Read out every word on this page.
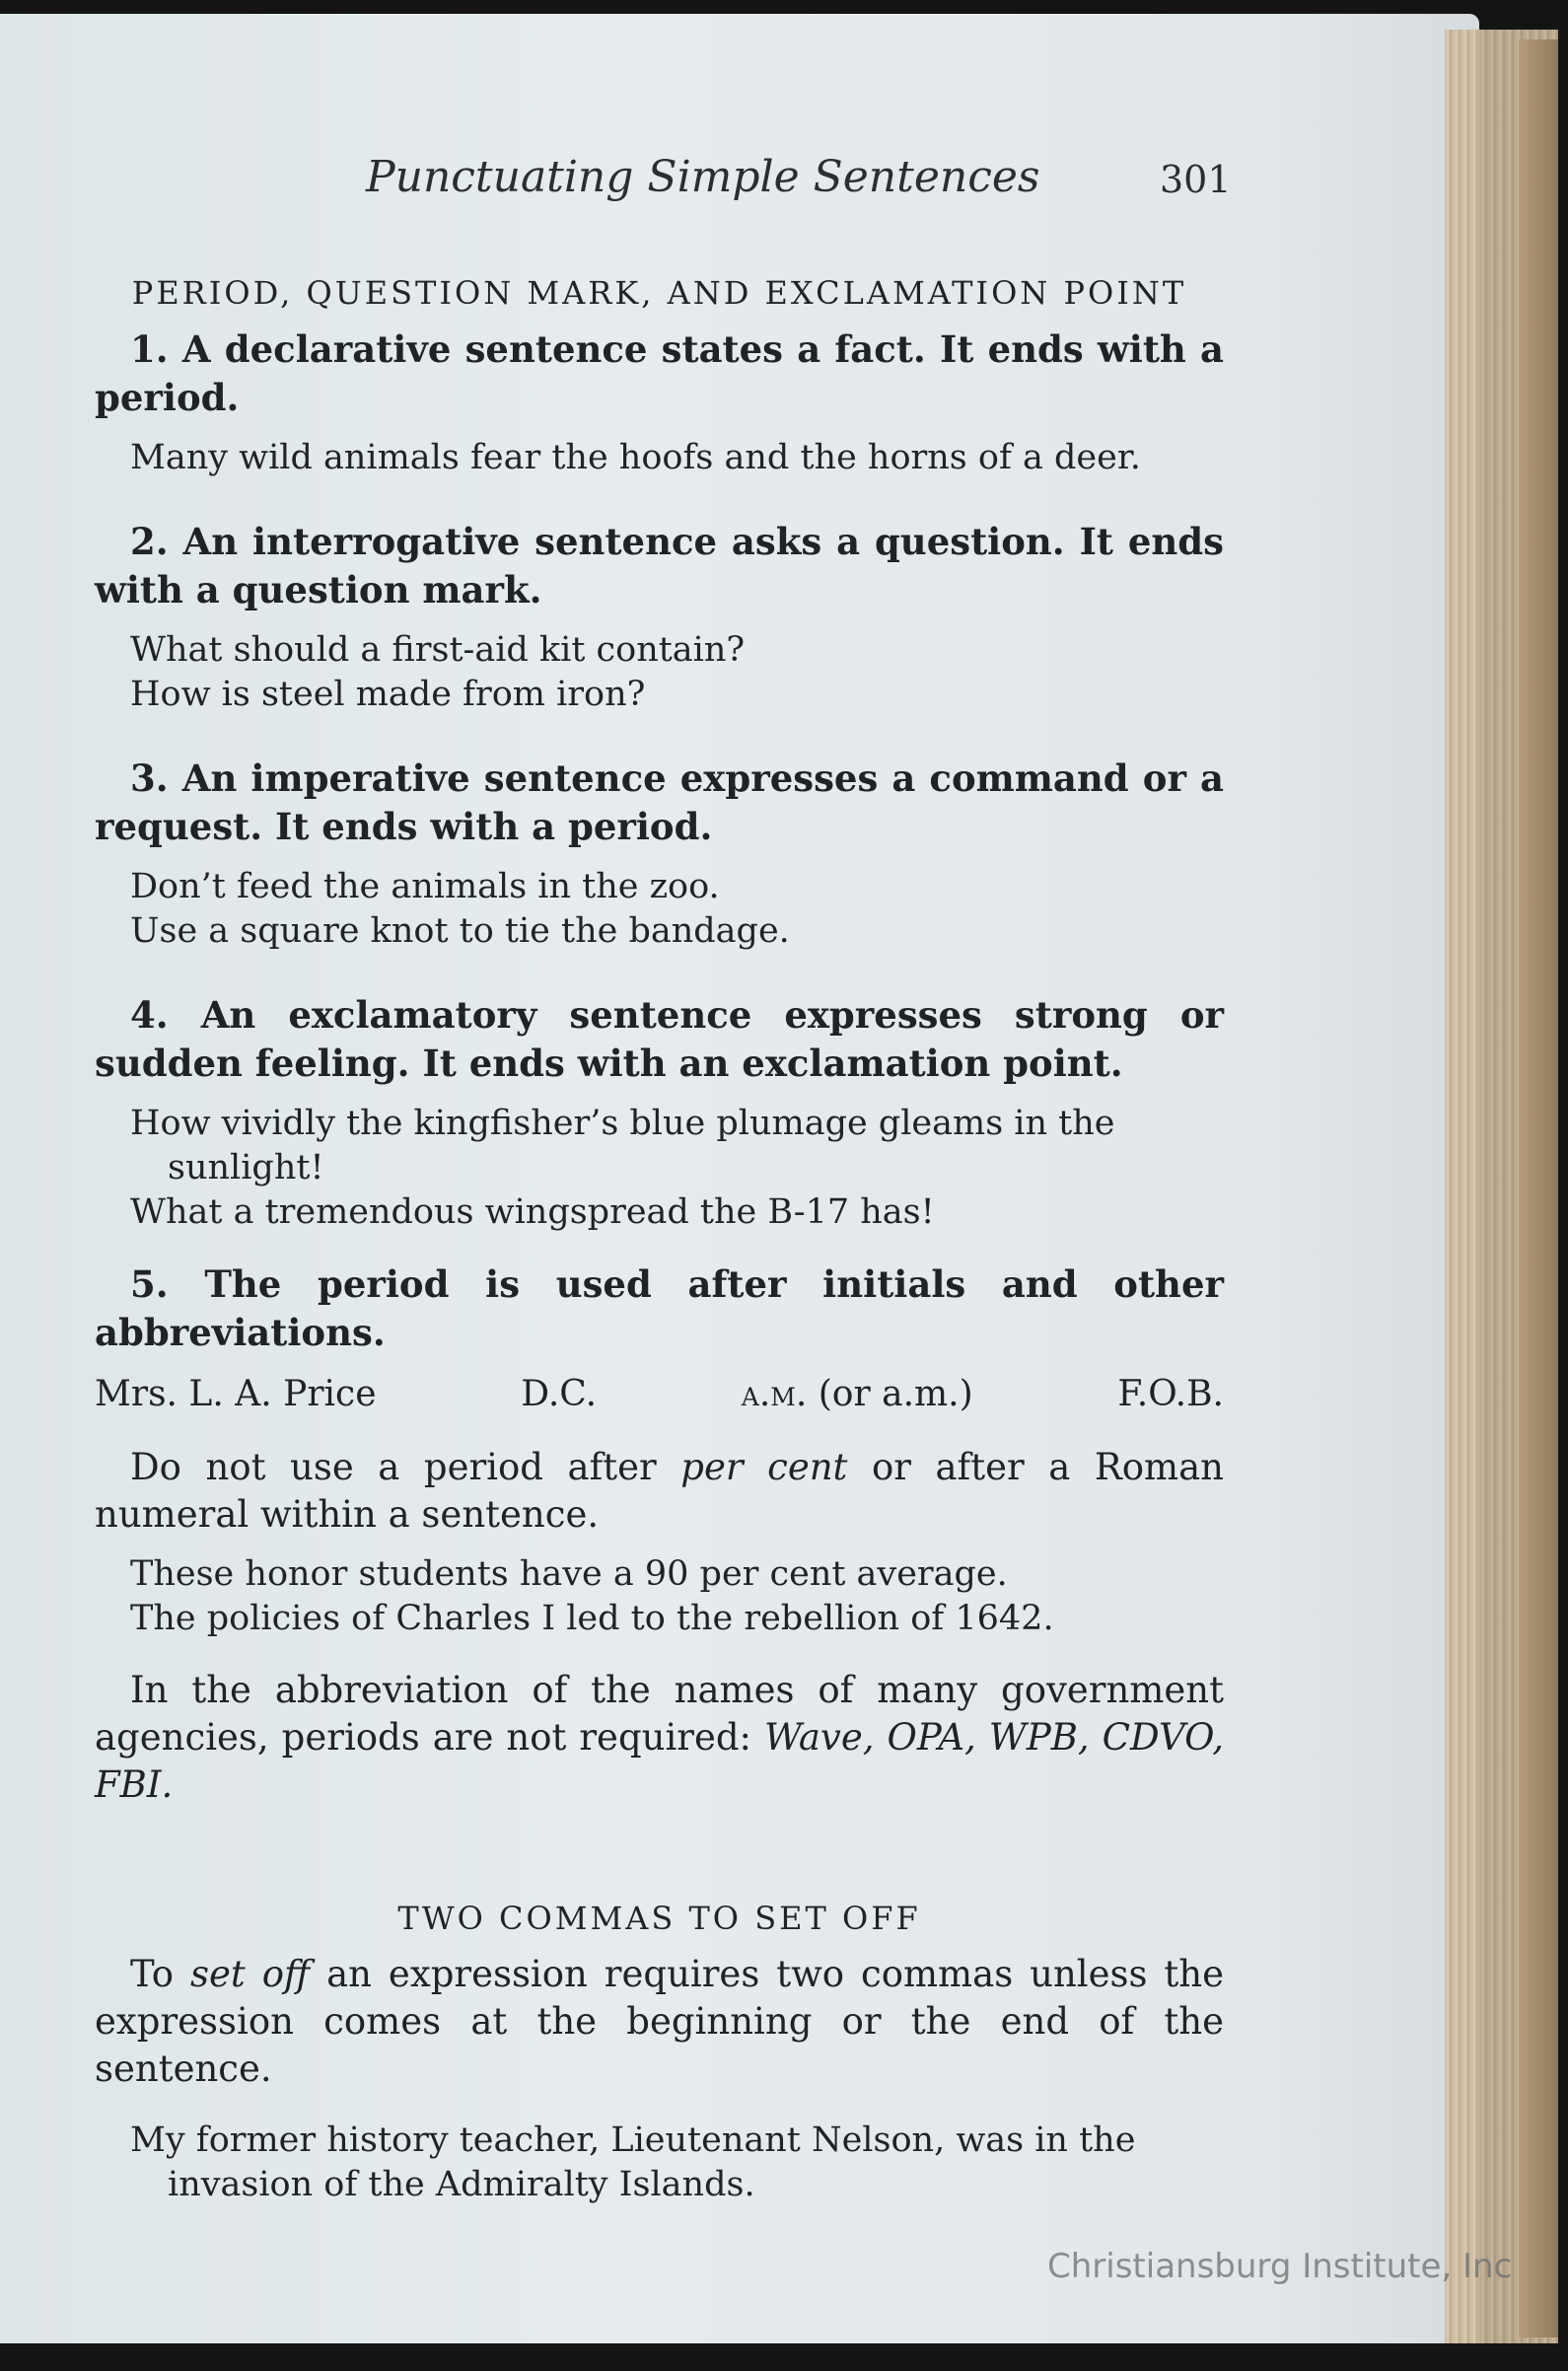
Punctuating Simple Sentences	301
PERIOD, QUESTION MARK, AND EXCLAMATION POINT

1. A declarative sentence states a fact. It ends with a period.

Many wild animals fear the hoofs and the horns of a deer.

2. An interrogative sentence asks a question. It ends with a question mark.

What should a first-aid kit contain?
How is steel made from iron?

3. An imperative sentence expresses a command or a request. It ends with a period.

Don’t feed the animals in the zoo.
Use a square knot to tie the bandage.

4. An exclamatory sentence expresses strong or sudden feeling. It ends with an exclamation point.

How vividly the kingfisher’s blue plumage gleams in the sunlight!
What a tremendous wingspread the B-17 has!

5. The period is used after initials and other abbreviations.

Mrs. L. A. Price	D.C.	a.m. (or a.m.)	F.O.B.

Do not use a period after per cent or after a Roman numeral within a sentence.

These honor students have a 90 per cent average.
The policies of Charles I led to the rebellion of 1642.

In the abbreviation of the names of many government agencies, periods are not required: Wave, OPA, WPB, CDVO, FBI.

TWO COMMAS TO SET OFF

To set off an expression requires two commas unless the expression comes at the beginning or the end of the sentence.

My former history teacher, Lieutenant Nelson, was in the invasion of the Admiralty Islands.
Christiansburg Institute, Inc
